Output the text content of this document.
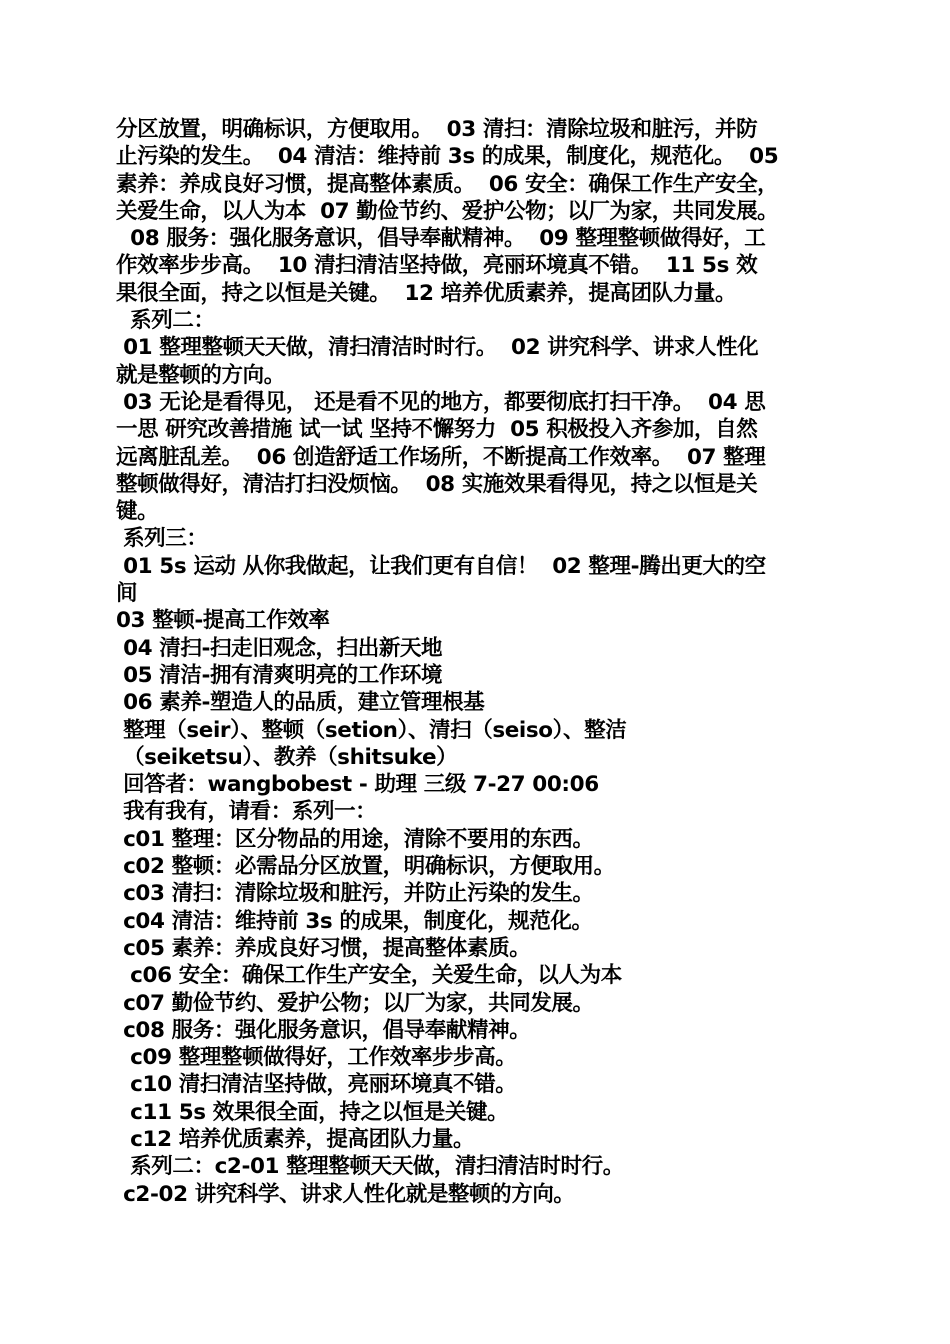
分区放置，明确标识，方便取用。  03 清扫：清除垃圾和脏污，并防
止污染的发生。  04 清洁：维持前 3s 的成果，制度化，规范化。  05
素养：养成良好习惯，提高整体素质。  06 安全：确保工作生产安全，
关爱生命，以人为本  07 勤俭节约、爱护公物；以厂为家，共同发展。
08 服务：强化服务意识，倡导奉献精神。  09 整理整顿做得好，工
作效率步步高。  10 清扫清洁坚持做，亮丽环境真不错。  11 5s 效
果很全面，持之以恒是关键。  12 培养优质素养，提高团队力量。
系列二：
01 整理整顿天天做，清扫清洁时时行。  02 讲究科学、讲求人性化
就是整顿的方向。
03 无论是看得见， 还是看不见的地方，都要彻底打扫干净。  04 思
一思 研究改善措施 试一试 坚持不懈努力  05 积极投入齐参加，自然
远离脏乱差。  06 创造舒适工作场所，不断提高工作效率。  07 整理
整顿做得好，清洁打扫没烦恼。  08 实施效果看得见，持之以恒是关
键。
系列三：
01 5s 运动 从你我做起，让我们更有自信！  02 整理-腾出更大的空
间
03 整顿-提高工作效率
04 清扫-扫走旧观念，扫出新天地
05 清洁-拥有清爽明亮的工作环境
06 素养-塑造人的品质，建立管理根基
整理（seir）、整顿（setion）、清扫（seiso）、整洁
（seiketsu）、教养（shitsuke）
回答者：wangbobest - 助理 三级 7-27 00:06
我有我有，请看：系列一：
c01 整理：区分物品的用途，清除不要用的东西。
c02 整顿：必需品分区放置，明确标识，方便取用。
c03 清扫：清除垃圾和脏污，并防止污染的发生。
c04 清洁：维持前 3s 的成果，制度化，规范化。
c05 素养：养成良好习惯，提高整体素质。
c06 安全：确保工作生产安全，关爱生命，以人为本
c07 勤俭节约、爱护公物；以厂为家，共同发展。
c08 服务：强化服务意识，倡导奉献精神。
c09 整理整顿做得好，工作效率步步高。
c10 清扫清洁坚持做，亮丽环境真不错。
c11 5s 效果很全面，持之以恒是关键。
c12 培养优质素养，提高团队力量。
系列二：c2-01 整理整顿天天做，清扫清洁时时行。
c2-02 讲究科学、讲求人性化就是整顿的方向。
